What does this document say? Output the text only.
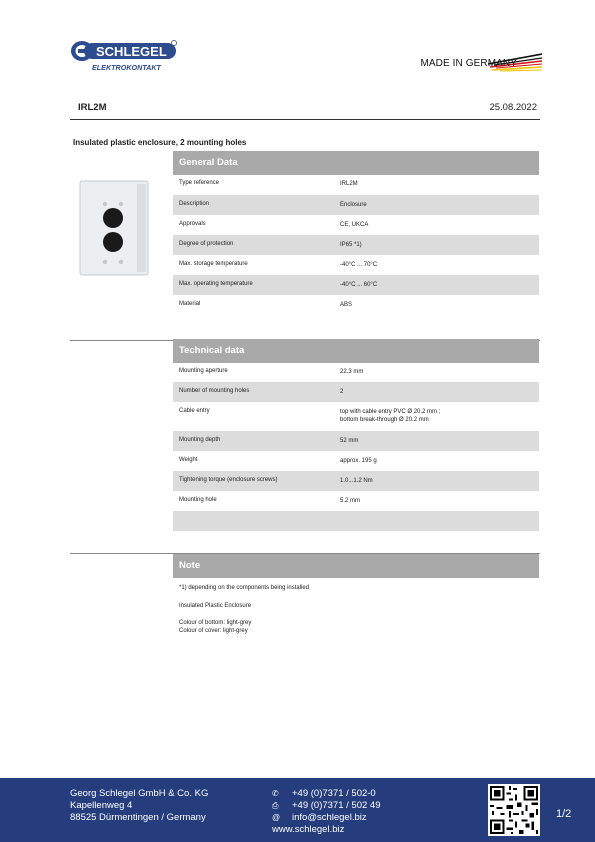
SCHLEGEL
ELEKTROKONTAKT	MADE IN GERMANY
IRL2M	25.08.2022
Insulated plastic enclosure, 2 mounting holes
General Data
Type reference	IRL2M
Description	Enclosure
Approvals	CE, UKCA
Degree of protection	IP65 *1)
Max. storage temperature	-40°C ... 70°C
Max. operating temperature	-40°C ... 60°C
Material	ABS
Technical data
Mounting aperture	22.3 mm
Number of mounting holes	2
Cable entry	top with cable entry PVC Ø 20.2 mm ;
bottom break-through Ø 20.2 mm
Mounting depth	52 mm
Weight	approx. 195 g
Tightening torque (enclosure screws)	1.0...1.2 Nm
Mounting hole	5.2 mm
Note
*1) depending on the components being installed
Insulated Plastic Enclosure
Colour of bottom: light-grey
Colour of cover: light-grey
Georg Schlegel GmbH & Co. KG
Kapellenweg 4
88525 Dürmentingen / Germany
✆	+49 (0)7371 / 502-0
⎙	+49 (0)7371 / 502 49
@	info@schlegel.biz
www.schlegel.biz
1/2
